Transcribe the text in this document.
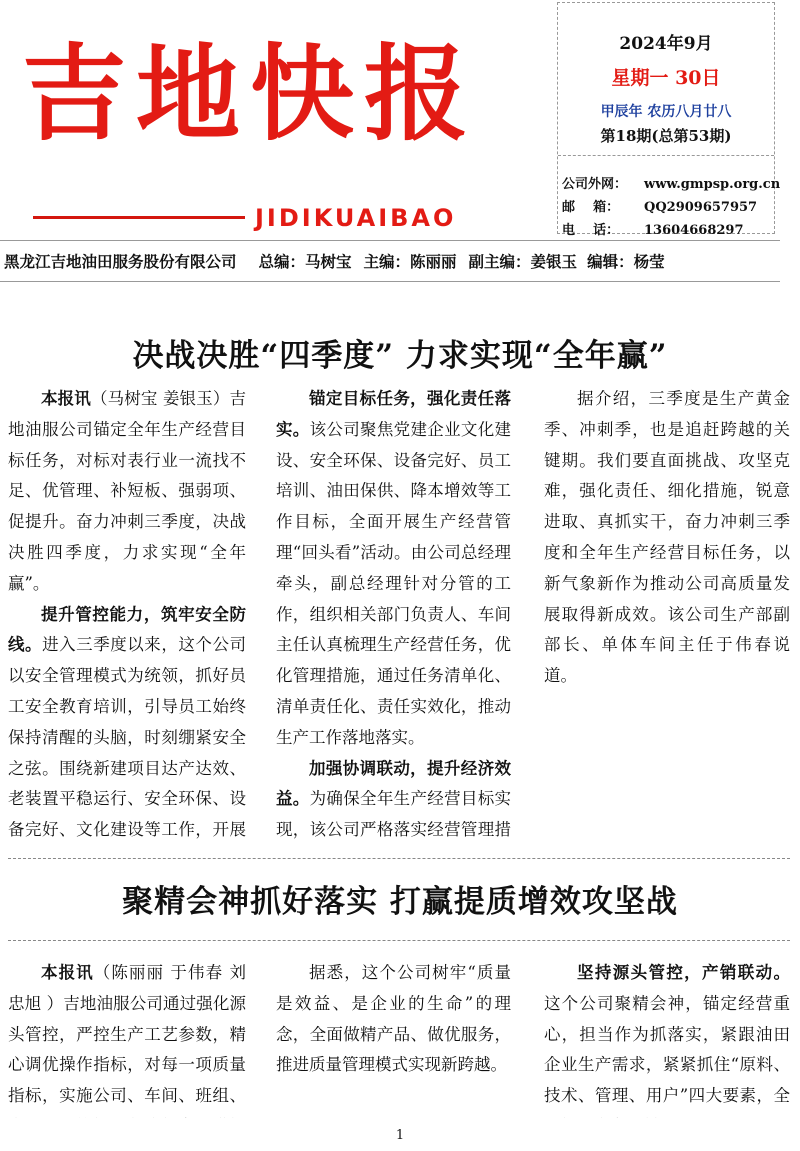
吉地快报
JIDIKUAIBAO
2024年9月
星期一 30日
甲辰年 农历八月廿八
第18期(总第53期)
公司外网： www.gmpsp.org.cn
邮    箱： QQ2909657957
电    话： 13604668297
黑龙江吉地油田服务股份有限公司 总编：马树宝 主编：陈丽丽 副主编：姜银玉 编辑：杨莹
决战决胜“四季度” 力求实现“全年赢”

本报讯（马树宝 姜银玉）吉地油服公司锚定全年生产经营目标任务，对标对表行业一流找不足、优管理、补短板、强弱项、促提升。奋力冲刺三季度，决战决胜四季度，力求实现“全年赢”。

提升管控能力，筑牢安全防线。进入三季度以来，这个公司以安全管理模式为统领，抓好员工安全教育培训，引导员工始终保持清醒的头脑，时刻绷紧安全之弦。围绕新建项目达产达效、老装置平稳运行、安全环保、设备完好、文化建设等工作，开展

锚定目标任务，强化责任落实。该公司聚焦党建企业文化建设、安全环保、设备完好、员工培训、油田保供、降本增效等工作目标，全面开展生产经营管理“回头看”活动。由公司总经理牵头，副总经理针对分管的工作，组织相关部门负责人、车间主任认真梳理生产经营任务，优化管理措施，通过任务清单化、清单责任化、责任实效化，推动生产工作落地落实。

加强协调联动，提升经济效益。为确保全年生产经营目标实现，该公司严格落实经营管理措

据介绍，三季度是生产黄金季、冲刺季，也是追赶跨越的关键期。我们要直面挑战、攻坚克难，强化责任、细化措施，锐意进取、真抓实干，奋力冲刺三季度和全年生产经营目标任务，以新气象新作为推动公司高质量发展取得新成效。该公司生产部副部长、单体车间主任于伟春说道。

聚精会神抓好落实 打赢提质增效攻坚战

本报讯（陈丽丽 于伟春 刘忠旭 ）吉地油服公司通过强化源头管控，严控生产工艺参数，精心调优操作指标，对每一项质量指标，实施公司、车间、班组、

据悉，这个公司树牢“质量是效益、是企业的生命”的理念，全面做精产品、做优服务，推进质量管理模式实现新跨越。

坚持源头管控，产销联动。这个公司聚精会神，锚定经营重心，担当作为抓落实，紧跟油田企业生产需求，紧紧抓住“原料、技术、管理、用户”四大要素，全

1
